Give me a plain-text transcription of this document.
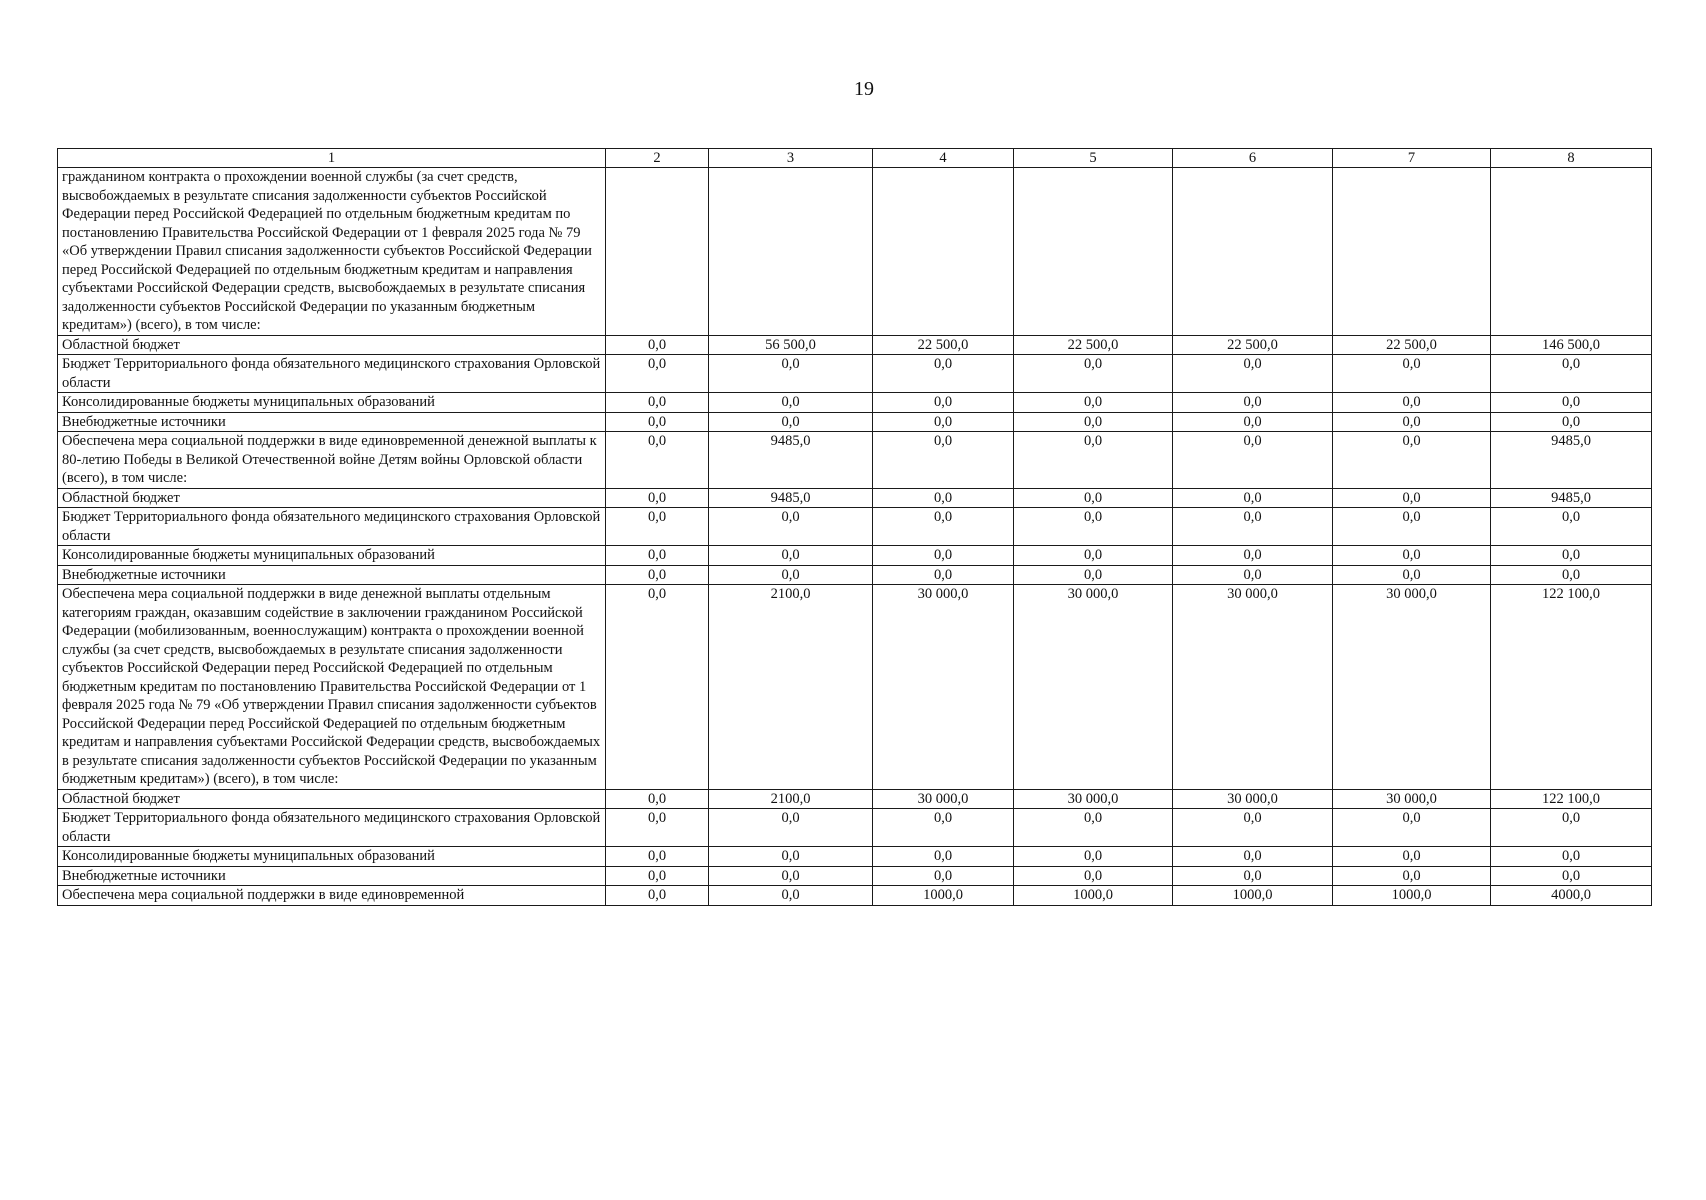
19
1	2	3	4	5	6	7	8
гражданином контракта о прохождении военной службы (за счет средств, высвобождаемых в результате списания задолженности субъектов Российской Федерации перед Российской Федерацией по отдельным бюджетным кредитам по постановлению Правительства Российской Федерации от 1 февраля 2025 года № 79 «Об утверждении Правил списания задолженности субъектов Российской Федерации перед Российской Федерацией по отдельным бюджетным кредитам и направления субъектами Российской Федерации средств, высвобождаемых в результате списания задолженности субъектов Российской Федерации по указанным бюджетным кредитам») (всего), в том числе:							
Областной бюджет	0,0	56 500,0	22 500,0	22 500,0	22 500,0	22 500,0	146 500,0
Бюджет Территориального фонда обязательного медицинского страхования Орловской области	0,0	0,0	0,0	0,0	0,0	0,0	0,0
Консолидированные бюджеты муниципальных образований	0,0	0,0	0,0	0,0	0,0	0,0	0,0
Внебюджетные источники	0,0	0,0	0,0	0,0	0,0	0,0	0,0
Обеспечена мера социальной поддержки в виде единовременной денежной выплаты к 80-летию Победы в Великой Отечественной войне Детям войны Орловской области (всего), в том числе:	0,0	9485,0	0,0	0,0	0,0	0,0	9485,0
Областной бюджет	0,0	9485,0	0,0	0,0	0,0	0,0	9485,0
Бюджет Территориального фонда обязательного медицинского страхования Орловской области	0,0	0,0	0,0	0,0	0,0	0,0	0,0
Консолидированные бюджеты муниципальных образований	0,0	0,0	0,0	0,0	0,0	0,0	0,0
Внебюджетные источники	0,0	0,0	0,0	0,0	0,0	0,0	0,0
Обеспечена мера социальной поддержки в виде денежной выплаты отдельным категориям граждан, оказавшим содействие в заключении гражданином Российской Федерации (мобилизованным, военнослужащим) контракта о прохождении военной службы (за счет средств, высвобождаемых в результате списания задолженности субъектов Российской Федерации перед Российской Федерацией по отдельным бюджетным кредитам по постановлению Правительства Российской Федерации от 1 февраля 2025 года № 79 «Об утверждении Правил списания задолженности субъектов Российской Федерации перед Российской Федерацией по отдельным бюджетным кредитам и направления субъектами Российской Федерации средств, высвобождаемых в результате списания задолженности субъектов Российской Федерации по указанным бюджетным кредитам») (всего), в том числе:	0,0	2100,0	30 000,0	30 000,0	30 000,0	30 000,0	122 100,0
Областной бюджет	0,0	2100,0	30 000,0	30 000,0	30 000,0	30 000,0	122 100,0
Бюджет Территориального фонда обязательного медицинского страхования Орловской области	0,0	0,0	0,0	0,0	0,0	0,0	0,0
Консолидированные бюджеты муниципальных образований	0,0	0,0	0,0	0,0	0,0	0,0	0,0
Внебюджетные источники	0,0	0,0	0,0	0,0	0,0	0,0	0,0
Обеспечена мера социальной поддержки в виде единовременной	0,0	0,0	1000,0	1000,0	1000,0	1000,0	4000,0
